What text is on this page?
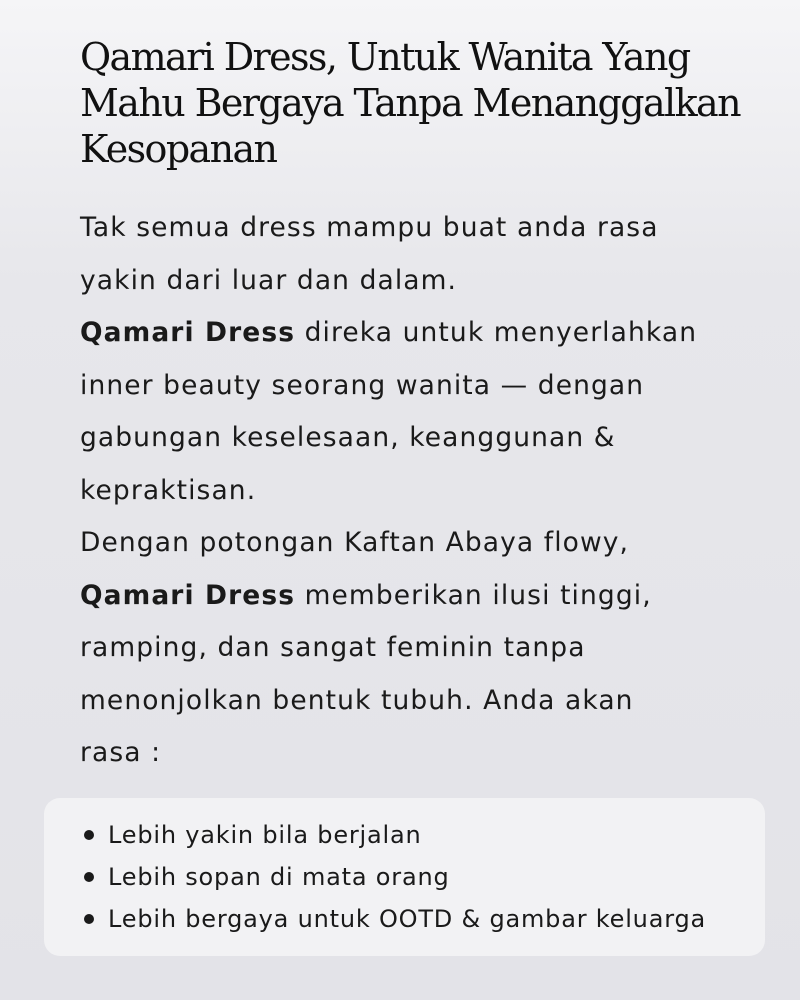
Qamari Dress, Untuk Wanita Yang
Mahu Bergaya Tanpa Menanggalkan
Kesopanan
Tak semua dress mampu buat anda rasa
yakin dari luar dan dalam.
Qamari Dress direka untuk menyerlahkan
inner beauty seorang wanita — dengan
gabungan keselesaan, keanggunan &
kepraktisan.
Dengan potongan Kaftan Abaya flowy,
Qamari Dress memberikan ilusi tinggi,
ramping, dan sangat feminin tanpa
menonjolkan bentuk tubuh. Anda akan
rasa :
Lebih yakin bila berjalan
Lebih sopan di mata orang
Lebih bergaya untuk OOTD & gambar keluarga
